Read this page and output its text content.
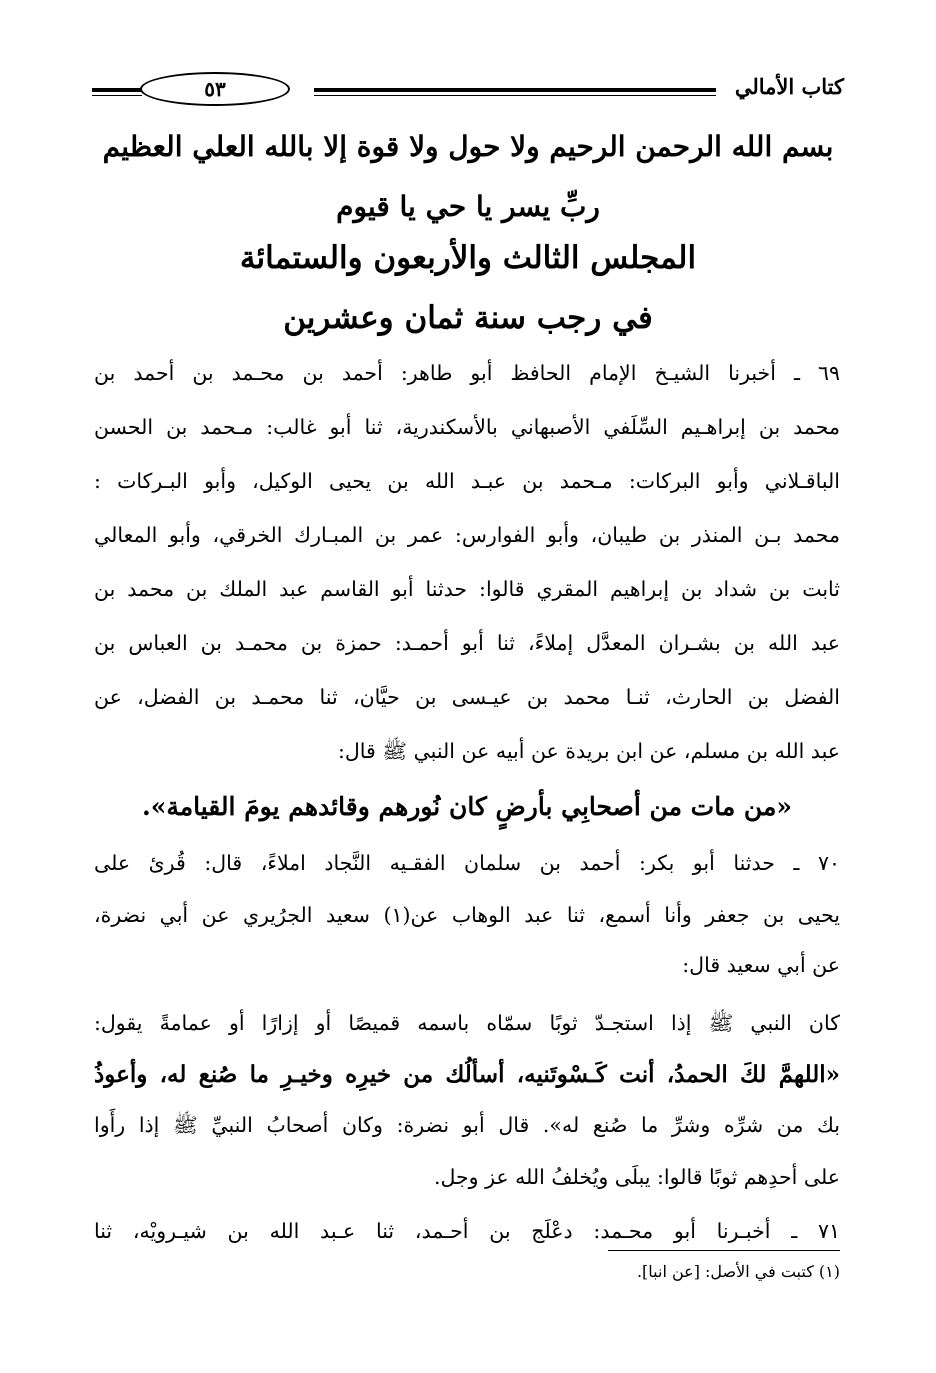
كتاب الأمالي
٥٣
بسم الله الرحمن الرحيم ولا حول ولا قوة إلا بالله العلي العظيم
ربِّ يسر يا حي يا قيوم
المجلس الثالث والأربعون والستمائة
في رجب سنة ثمان وعشرين
٦٩ ـ أخبرنا الشيـخ الإمام الحافظ أبو طاهر: أحمد بن محـمد بن أحمد بن
محمد بن إبراهـيم السِّلَفي الأصبهاني بالأسكندرية، ثنا أبو غالب: مـحمد بن الحسن
الباقـلاني وأبو البركات: مـحمد بن عبـد الله بن يحيى الوكيل، وأبو البـركات :
محمد بـن المنذر بن طيبان، وأبو الفوارس: عمر بن المبـارك الخرقي، وأبو المعالي
ثابت بن شداد بن إبراهيم المقري قالوا: حدثنا أبو القاسم عبد الملك بن محمد بن
عبد الله بن بشـران المعدَّل إملاءً، ثنا أبو أحمـد: حمزة بن محمـد بن العباس بن
الفضل بن الحارث، ثنـا محمد بن عيـسى بن حيَّان، ثنا محمـد بن الفضل، عن
عبد الله بن مسلم، عن ابن بريدة عن أبيه عن النبي ﷺ قال:
«من مات من أصحابِي بأرضٍ كان نُورهم وقائدهم يومَ القيامة».
٧٠ ـ حدثنا أبو بكر: أحمد بن سلمان الفقـيه النَّجاد املاءً، قال: قُرئ على
يحيى بن جعفر وأنا أسمع، ثنا عبد الوهاب عن(١) سعيد الجرُيري عن أبي نضرة،
عن أبي سعيد قال:
كان النبي ﷺ إذا استجـدّ ثوبًا سمّاه باسمه قميصًا أو إزارًا أو عمامةً يقول:
«اللهمَّ لكَ الحمدُ، أنت كَـسْوتَنيه، أسألُك من خيرِه وخيـرِ ما صُنع له، وأعوذُ
بك من شرِّه وشرِّ ما صُنع له». قال أبو نضرة: وكان أصحابُ النبيِّ ﷺ إذا رأَوا
على أحدِهم ثوبًا قالوا: يبلَى ويُخلفُ الله عز وجل.
٧١ ـ أخبـرنا أبو محـمد: دعْلَج بن أحـمد، ثنا عـبد الله بن شيـرويْه، ثنا
(١) كتبت في الأصل: [عن انبا].
